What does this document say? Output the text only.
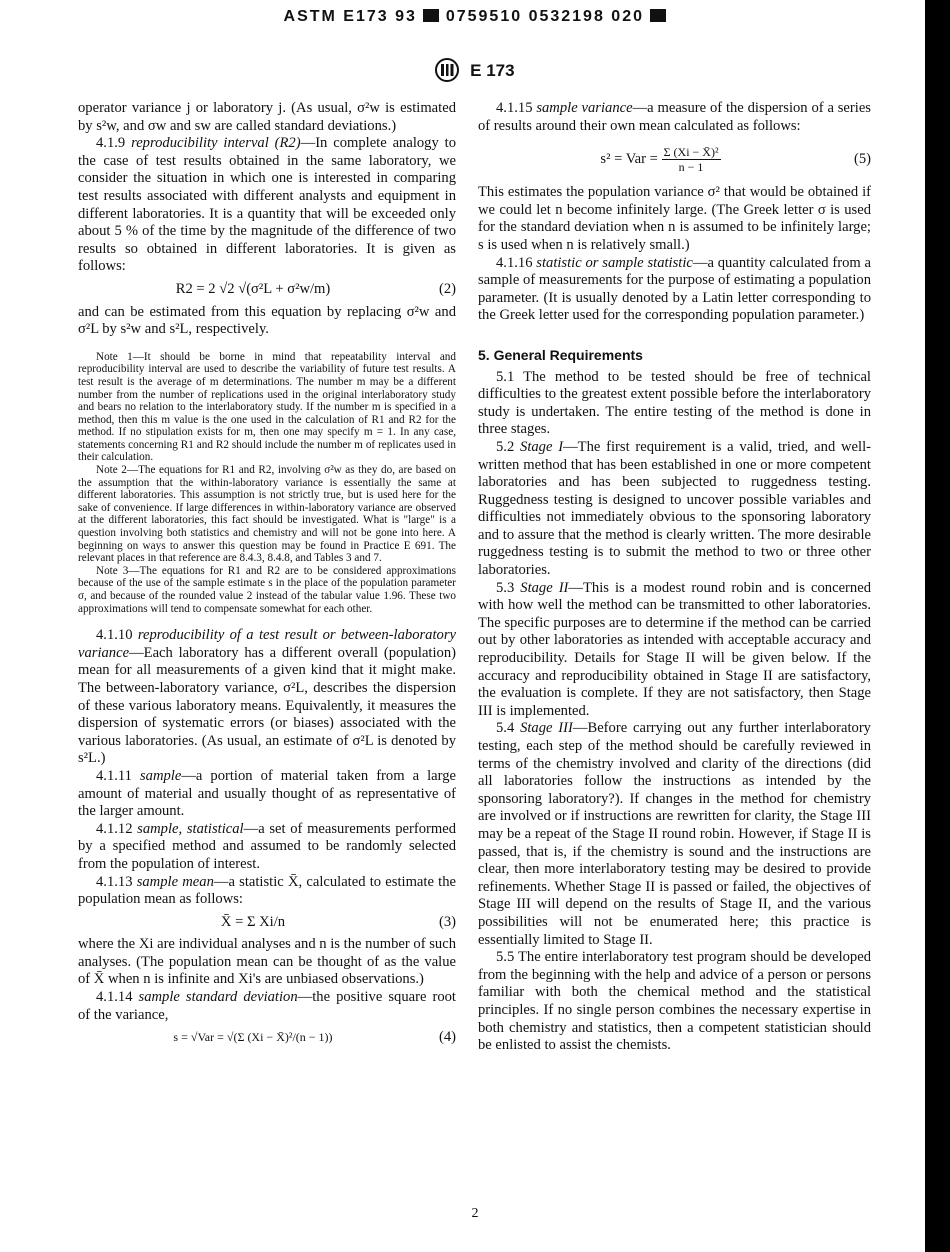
ASTM E173 93 0759510 0532198 020
E 173

operator variance j or laboratory j. (As usual, σ²w is estimated by s²w, and σw and sw are called standard deviations.)

4.1.9 reproducibility interval (R2)—In complete analogy to the case of test results obtained in the same laboratory, we consider the situation in which one is interested in comparing test results associated with different analysts and equipment in different laboratories. It is a quantity that will be exceeded only about 5 % of the time by the magnitude of the difference of two results so obtained in different laboratories. It is given as follows:

R2 = 2 √2 √(σ²L + σ²w/m)	(2)

and can be estimated from this equation by replacing σ²w and σ²L by s²w and s²L, respectively.

Note 1—It should be borne in mind that repeatability interval and reproducibility interval are used to describe the variability of future test results. A test result is the average of m determinations. The number m may be a different number from the number of replications used in the original interlaboratory study and bears no relation to the interlaboratory study. If the number m is specified in a method, then this m value is the one used in the calculation of R1 and R2 for the method. If no stipulation exists for m, then one may specify m = 1. In any case, statements concerning R1 and R2 should include the number m of replicates used in their calculation.

Note 2—The equations for R1 and R2, involving σ²w as they do, are based on the assumption that the within-laboratory variance is essentially the same at different laboratories. This assumption is not strictly true, but is used here for the sake of convenience. If large differences in within-laboratory variance are observed at the different laboratories, this fact should be investigated. What is "large" is a question involving both statistics and chemistry and will not be gone into here. A beginning on ways to answer this question may be found in Practice E 691. The relevant places in that reference are 8.4.3, 8.4.8, and Tables 3 and 7.

Note 3—The equations for R1 and R2 are to be considered approximations because of the use of the sample estimate s in the place of the population parameter σ, and because of the rounded value 2 instead of the tabular value 1.96. These two approximations will tend to compensate somewhat for each other.

4.1.10 reproducibility of a test result or between-laboratory variance—Each laboratory has a different overall (population) mean for all measurements of a given kind that it might make. The between-laboratory variance, σ²L, describes the dispersion of these various laboratory means. Equivalently, it measures the dispersion of systematic errors (or biases) associated with the various laboratories. (As usual, an estimate of σ²L is denoted by s²L.)

4.1.11 sample—a portion of material taken from a large amount of material and usually thought of as representative of the larger amount.

4.1.12 sample, statistical—a set of measurements performed by a specified method and assumed to be randomly selected from the population of interest.

4.1.13 sample mean—a statistic X̄, calculated to estimate the population mean as follows:

X̄ = Σ Xi/n	(3)

where the Xi are individual analyses and n is the number of such analyses. (The population mean can be thought of as the value of X̄ when n is infinite and Xi's are unbiased observations.)

4.1.14 sample standard deviation—the positive square root of the variance,

s = √Var = √(Σ (Xi − X̄)²/(n − 1))	(4)

4.1.15 sample variance—a measure of the dispersion of a series of results around their own mean calculated as follows:

s² = Var = $\frac{\text{Σ (Xi − X̄)²}}{n - 1}$	(5)

This estimates the population variance σ² that would be obtained if we could let n become infinitely large. (The Greek letter σ is used for the standard deviation when n is assumed to be infinitely large; s is used when n is relatively small.)

4.1.16 statistic or sample statistic—a quantity calculated from a sample of measurements for the purpose of estimating a population parameter. (It is usually denoted by a Latin letter corresponding to the Greek letter used for the corresponding population parameter.)

5. General Requirements

5.1 The method to be tested should be free of technical difficulties to the greatest extent possible before the interlaboratory study is undertaken. The entire testing of the method is done in three stages.

5.2 Stage I—The first requirement is a valid, tried, and well-written method that has been established in one or more competent laboratories and has been subjected to ruggedness testing. Ruggedness testing is designed to uncover possible variables and difficulties not immediately obvious to the sponsoring laboratory and to assure that the method is clearly written. The more desirable ruggedness testing is to submit the method to two or three other laboratories.

5.3 Stage II—This is a modest round robin and is concerned with how well the method can be transmitted to other laboratories. The specific purposes are to determine if the method can be carried out by other laboratories as intended with acceptable accuracy and reproducibility. Details for Stage II will be given below. If the accuracy and reproducibility obtained in Stage II are satisfactory, the evaluation is complete. If they are not satisfactory, then Stage III is implemented.

5.4 Stage III—Before carrying out any further interlaboratory testing, each step of the method should be carefully reviewed in terms of the chemistry involved and clarity of the directions (did all laboratories follow the instructions as intended by the sponsoring laboratory?). If changes in the method for chemistry are involved or if instructions are rewritten for clarity, the Stage III may be a repeat of the Stage II round robin. However, if Stage II is passed, that is, if the chemistry is sound and the instructions are clear, then more interlaboratory testing may be desired to provide refinements. Whether Stage II is passed or failed, the objectives of Stage III will depend on the results of Stage II, and the various possibilities will not be enumerated here; this practice is essentially limited to Stage II.

5.5 The entire interlaboratory test program should be developed from the beginning with the help and advice of a person or persons familiar with both the chemical method and the statistical principles. If no single person combines the necessary expertise in both chemistry and statistics, then a competent statistician should be enlisted to assist the chemists.

2
